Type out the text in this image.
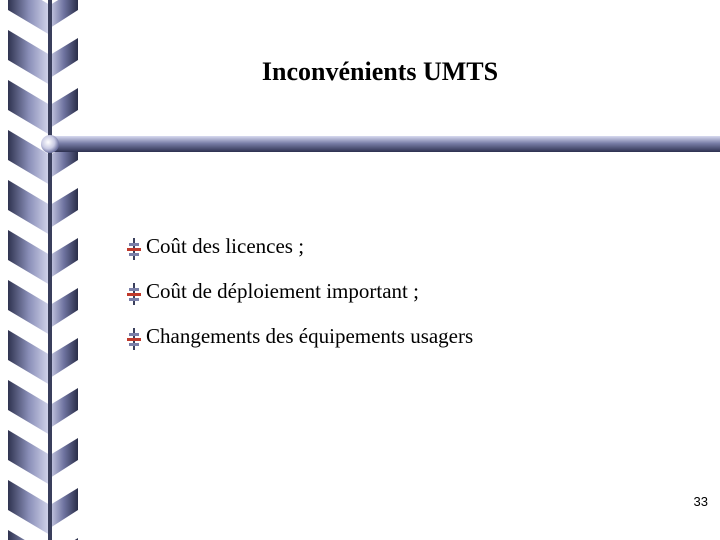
Inconvénients UMTS
Coût des licences ;
Coût de déploiement important ;
Changements des équipements usagers
33
